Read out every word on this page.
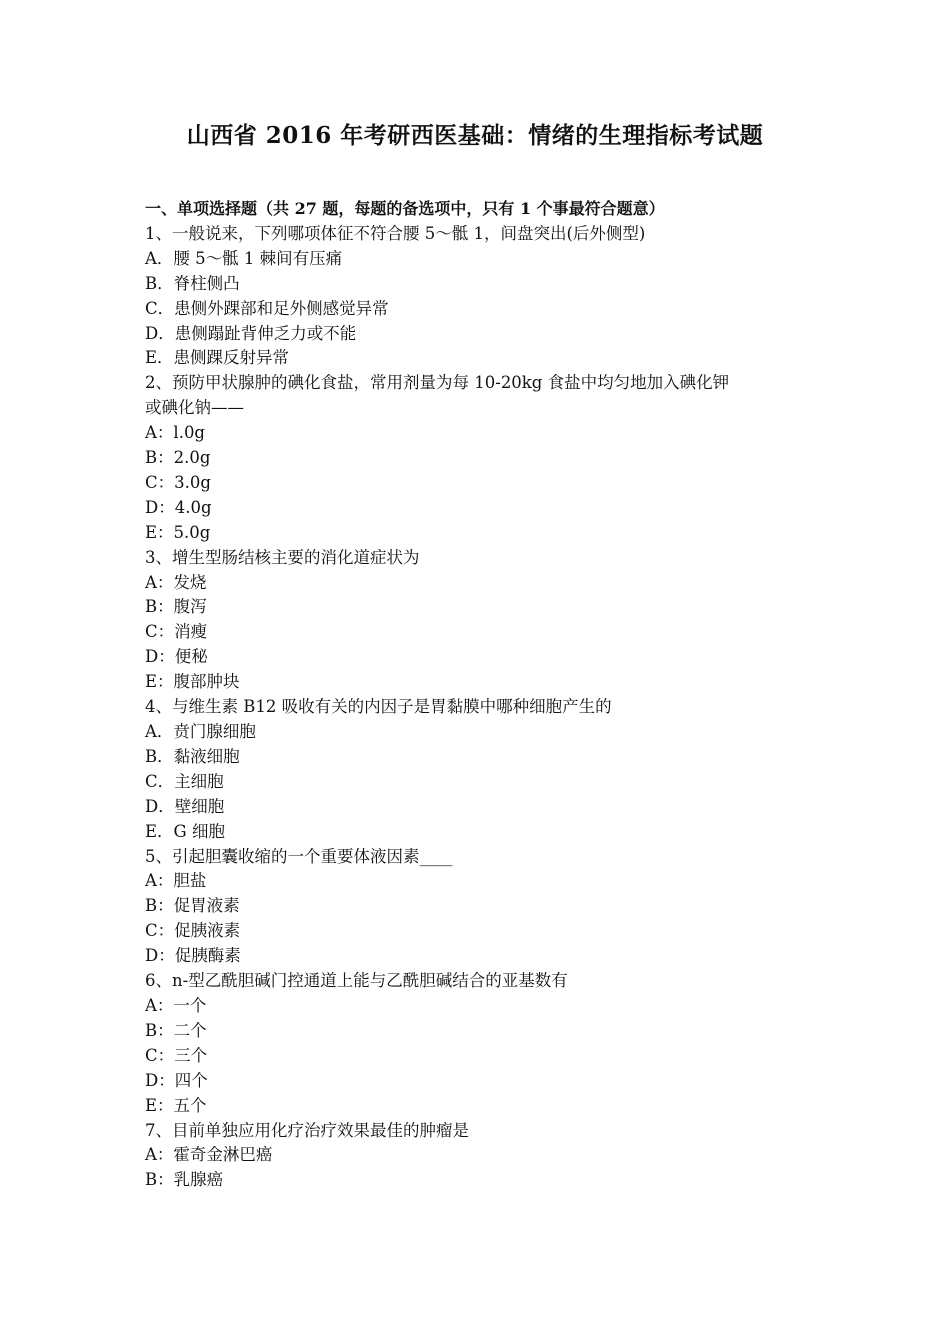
山西省 2016 年考研西医基础：情绪的生理指标考试题
一、单项选择题（共 27 题，每题的备选项中，只有 1 个事最符合题意）
1、一般说来，下列哪项体征不符合腰 5～骶 1，间盘突出(后外侧型)
A．腰 5～骶 1 棘间有压痛
B．脊柱侧凸
C．患侧外踝部和足外侧感觉异常
D．患侧蹋趾背伸乏力或不能
E．患侧踝反射异常
2、预防甲状腺肿的碘化食盐，常用剂量为每 10-20kg 食盐中均匀地加入碘化钾
或碘化钠——
A：l.0g
B：2.0g
C：3.0g
D：4.0g
E：5.0g
3、增生型肠结核主要的消化道症状为
A：发烧
B：腹泻
C：消瘦
D：便秘
E：腹部肿块
4、与维生素 B12 吸收有关的内因子是胃黏膜中哪种细胞产生的
A．贲门腺细胞
B．黏液细胞
C．主细胞
D．壁细胞
E．G 细胞
5、引起胆囊收缩的一个重要体液因素____
A：胆盐
B：促胃液素
C：促胰液素
D：促胰酶素
6、n-型乙酰胆碱门控通道上能与乙酰胆碱结合的亚基数有
A：一个
B：二个
C：三个
D：四个
E：五个
7、目前单独应用化疗治疗效果最佳的肿瘤是
A：霍奇金淋巴癌
B：乳腺癌
